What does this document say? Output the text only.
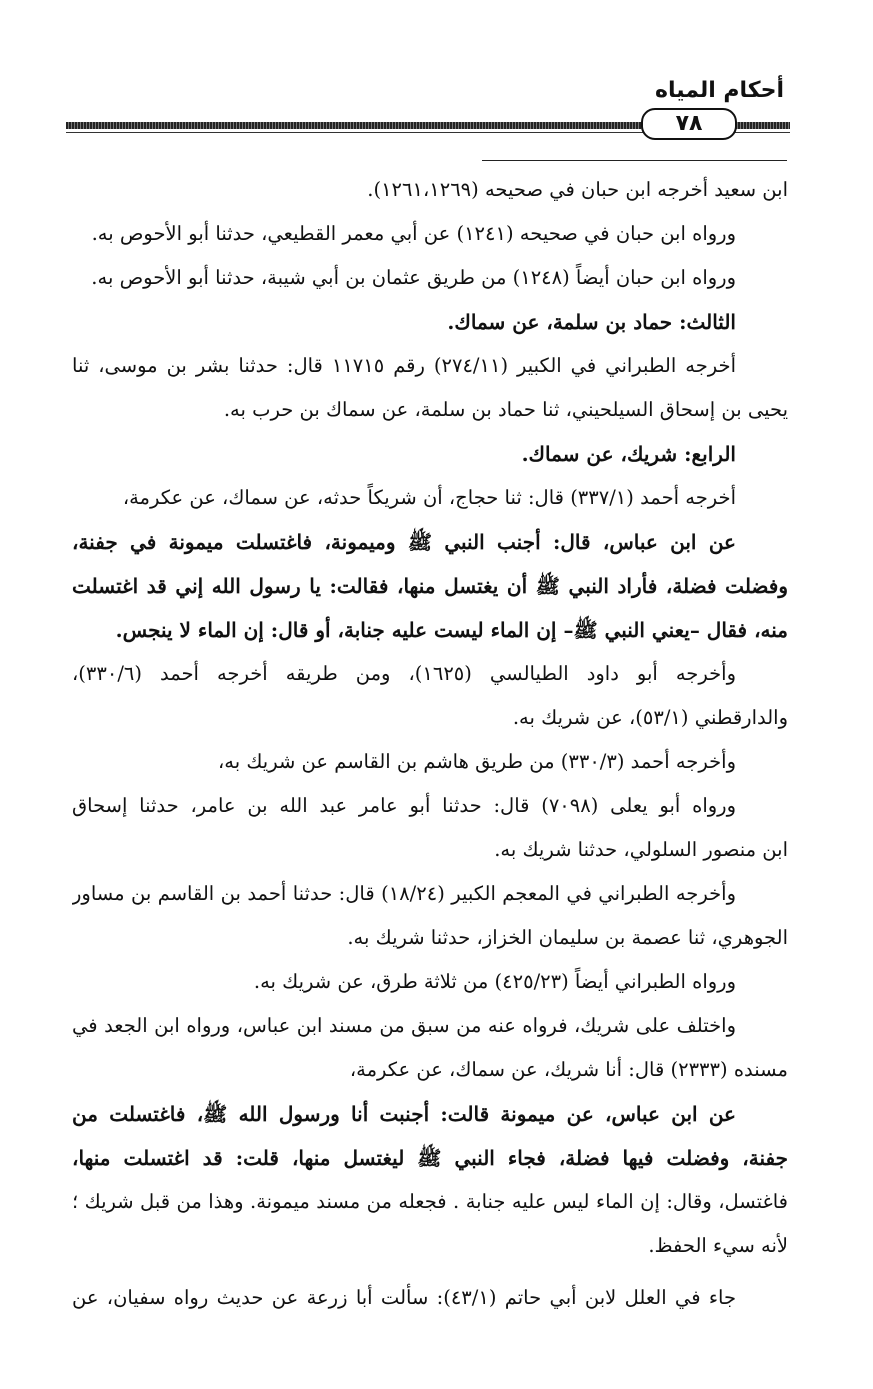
أحكام المياه
٧٨
ابن سعيد أخرجه ابن حبان في صحيحه (١٢٦١،١٢٦٩).
ورواه ابن حبان في صحيحه (١٢٤١) عن أبي معمر القطيعي، حدثنا أبو الأحوص به.
ورواه ابن حبان أيضاً (١٢٤٨) من طريق عثمان بن أبي شيبة، حدثنا أبو الأحوص به.
الثالث: حماد بن سلمة، عن سماك.
أخرجه الطبراني في الكبير (٢٧٤/١١) رقم ١١٧١٥ قال: حدثنا بشر بن موسى، ثنا
يحيى بن إسحاق السيلحيني، ثنا حماد بن سلمة، عن سماك بن حرب به.
الرابع: شريك، عن سماك.
أخرجه أحمد (٣٣٧/١) قال: ثنا حجاج، أن شريكاً حدثه، عن سماك، عن عكرمة،
عن ابن عباس، قال: أجنب النبي ﷺ وميمونة، فاغتسلت ميمونة في جفنة،
وفضلت فضلة، فأراد النبي ﷺ أن يغتسل منها، فقالت: يا رسول الله إني قد اغتسلت
منه، فقال –يعني النبي ﷺ– إن الماء ليست عليه جنابة، أو قال: إن الماء لا ينجس.
وأخرجه أبو داود الطيالسي (١٦٢٥)، ومن طريقه أخرجه أحمد (٣٣٠/٦)،
والدارقطني (٥٣/١)، عن شريك به.
وأخرجه أحمد (٣٣٠/٣) من طريق هاشم بن القاسم عن شريك به،
ورواه أبو يعلى (٧٠٩٨) قال: حدثنا أبو عامر عبد الله بن عامر، حدثنا إسحاق
ابن منصور السلولي، حدثنا شريك به.
وأخرجه الطبراني في المعجم الكبير (١٨/٢٤) قال: حدثنا أحمد بن القاسم بن مساور
الجوهري، ثنا عصمة بن سليمان الخزاز، حدثنا شريك به.
ورواه الطبراني أيضاً (٤٢٥/٢٣) من ثلاثة طرق، عن شريك به.
واختلف على شريك، فرواه عنه من سبق من مسند ابن عباس، ورواه ابن الجعد في
مسنده (٢٣٣٣) قال: أنا شريك، عن سماك، عن عكرمة،
عن ابن عباس، عن ميمونة قالت: أجنبت أنا ورسول الله ﷺ، فاغتسلت من
جفنة، وفضلت فيها فضلة، فجاء النبي ﷺ ليغتسل منها، قلت: قد اغتسلت منها،
فاغتسل، وقال: إن الماء ليس عليه جنابة . فجعله من مسند ميمونة. وهذا من قبل شريك ؛
لأنه سيء الحفظ.
جاء في العلل لابن أبي حاتم (٤٣/١): سألت أبا زرعة عن حديث رواه سفيان، عن
